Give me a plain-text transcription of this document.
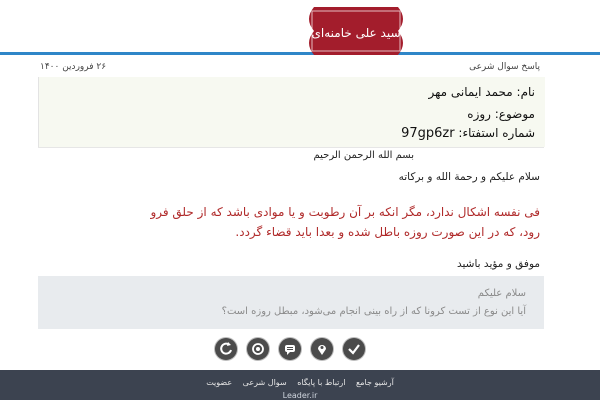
سید علی خامنه‌ای
۲۶ فروردین ۱۴۰۰	پاسخ سوال شرعی
نام: محمد ایمانی مهر
موضوع: روزه
شماره استفتاء: 97gp6zr
بسم الله الرحمن الرحیم
سلام علیکم و رحمة الله و برکاته
فی نفسه اشکال ندارد، مگر انکه بر آن رطوبت و یا موادی باشد که از حلق فرو
رود، که در این صورت روزه باطل شده و بعدا باید قضاء گردد.
موفق و مؤید باشید
سلام علیکم
آیا این نوع از تست کرونا که از راه بینی انجام می‌شود، مبطل روزه است؟
آرشیو جامع ارتباط با پایگاه سوال شرعی عضویت
Leader.ir
